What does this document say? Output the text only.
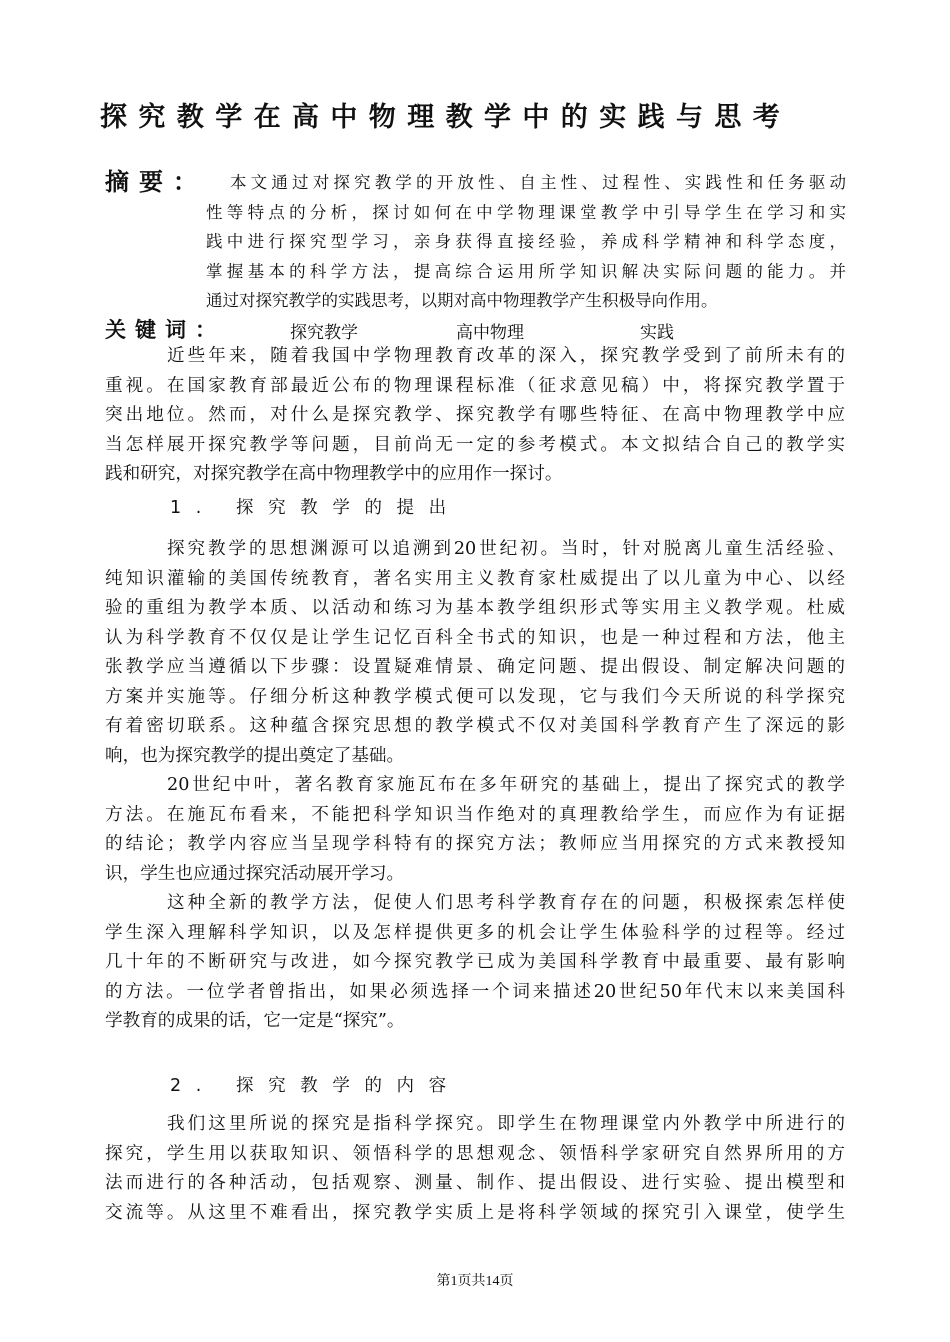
探究教学在高中物理教学中的实践与思考
摘要：	本文通过对探究教学的开放性、自主性、过程性、实践性和任务驱动
性等特点的分析，探讨如何在中学物理课堂教学中引导学生在学习和实
践中进行探究型学习，亲身获得直接经验，养成科学精神和科学态度，
掌握基本的科学方法，提高综合运用所学知识解决实际问题的能力。并
通过对探究教学的实践思考，以期对高中物理教学产生积极导向作用。
关键词：	探究教学	高中物理	实践
近些年来，随着我国中学物理教育改革的深入，探究教学受到了前所未有的
重视。在国家教育部最近公布的物理课程标准（征求意见稿）中，将探究教学置于
突出地位。然而，对什么是探究教学、探究教学有哪些特征、在高中物理教学中应
当怎样展开探究教学等问题，目前尚无一定的参考模式。本文拟结合自己的教学实
践和研究，对探究教学在高中物理教学中的应用作一探讨。
1. 探究教学的提出
探究教学的思想渊源可以追溯到20世纪初。当时，针对脱离儿童生活经验、
纯知识灌输的美国传统教育，著名实用主义教育家杜威提出了以儿童为中心、以经
验的重组为教学本质、以活动和练习为基本教学组织形式等实用主义教学观。杜威
认为科学教育不仅仅是让学生记忆百科全书式的知识，也是一种过程和方法，他主
张教学应当遵循以下步骤：设置疑难情景、确定问题、提出假设、制定解决问题的
方案并实施等。仔细分析这种教学模式便可以发现，它与我们今天所说的科学探究
有着密切联系。这种蕴含探究思想的教学模式不仅对美国科学教育产生了深远的影
响，也为探究教学的提出奠定了基础。
20世纪中叶，著名教育家施瓦布在多年研究的基础上，提出了探究式的教学
方法。在施瓦布看来，不能把科学知识当作绝对的真理教给学生，而应作为有证据
的结论；教学内容应当呈现学科特有的探究方法；教师应当用探究的方式来教授知
识，学生也应通过探究活动展开学习。
这种全新的教学方法，促使人们思考科学教育存在的问题，积极探索怎样使
学生深入理解科学知识，以及怎样提供更多的机会让学生体验科学的过程等。经过
几十年的不断研究与改进，如今探究教学已成为美国科学教育中最重要、最有影响
的方法。一位学者曾指出，如果必须选择一个词来描述20世纪50年代末以来美国科
学教育的成果的话，它一定是“探究”。
2. 探究教学的内容
我们这里所说的探究是指科学探究。即学生在物理课堂内外教学中所进行的
探究，学生用以获取知识、领悟科学的思想观念、领悟科学家研究自然界所用的方
法而进行的各种活动，包括观察、测量、制作、提出假设、进行实验、提出模型和
交流等。从这里不难看出，探究教学实质上是将科学领域的探究引入课堂，使学生
第1页共14页
